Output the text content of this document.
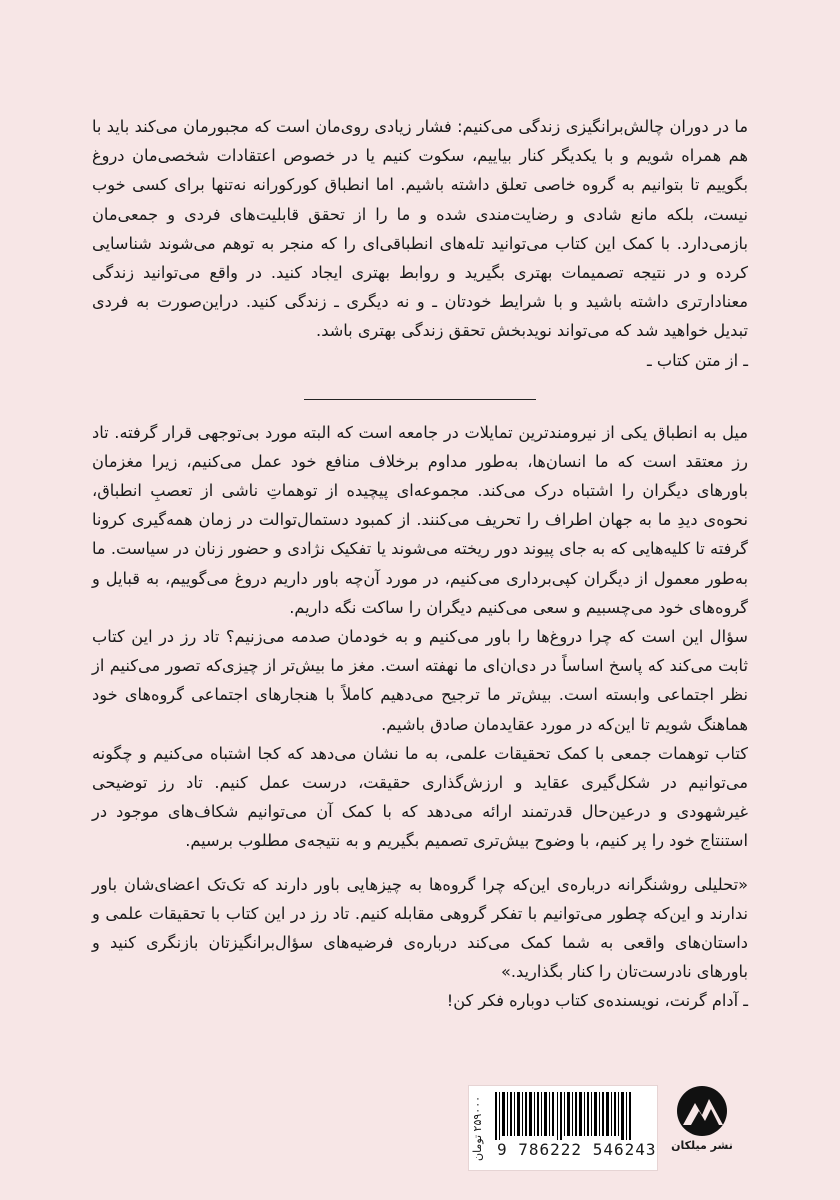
ما در دوران چالش‌برانگیزی زندگی می‌کنیم: فشار زیادی روی‌مان است که مجبورمان می‌کند باید با هم همراه شویم و با یکدیگر کنار بیاییم، سکوت کنیم یا در خصوص اعتقادات شخصی‌مان دروغ بگوییم تا بتوانیم به گروه خاصی تعلق داشته باشیم. اما انطباق کورکورانه نه‌تنها برای کسی خوب نیست، بلکه مانع شادی و رضایت‌مندی شده و ما را از تحقق قابلیت‌های فردی و جمعی‌مان بازمی‌دارد. با کمک این کتاب می‌توانید تله‌های انطباقی‌ای را که منجر به توهم می‌شوند شناسایی کرده و در نتیجه تصمیمات بهتری بگیرید و روابط بهتری ایجاد کنید. در واقع می‌توانید زندگی معنادارتری داشته باشید و با شرایط خودتان ـ و نه دیگری ـ زندگی کنید. دراین‌صورت به فردی تبدیل خواهید شد که می‌تواند نویدبخش تحقق زندگی بهتری باشد.

ـ از متن کتاب ـ

میل به انطباق یکی از نیرومندترین تمایلات در جامعه است که البته مورد بی‌توجهی قرار گرفته. تاد رز معتقد است که ما انسان‌ها، به‌طور مداوم برخلاف منافع خود عمل می‌کنیم، زیرا مغزمان باورهای دیگران را اشتباه درک می‌کند. مجموعه‌ای پیچیده از توهماتِ ناشی از تعصبِ انطباق، نحوه‌ی دیدِ ما به جهان اطراف را تحریف می‌کنند. از کمبود دستمال‌توالت در زمان همه‌گیری کرونا گرفته تا کلیه‌هایی که به جای پیوند دور ریخته می‌شوند یا تفکیک نژادی و حضور زنان در سیاست. ما به‌طور معمول از دیگران کپی‌برداری می‌کنیم، در مورد آن‌چه باور داریم دروغ می‌گوییم، به قبایل و گروه‌های خود می‌چسبیم و سعی می‌کنیم دیگران را ساکت نگه داریم.

سؤال این است که چرا دروغ‌ها را باور می‌کنیم و به خودمان صدمه می‌زنیم؟ تاد رز در این کتاب ثابت می‌کند که پاسخ اساساً در دی‌ان‌ای ما نهفته است. مغز ما بیش‌تر از چیزی‌که تصور می‌کنیم از نظر اجتماعی وابسته است. بیش‌تر ما ترجیح می‌دهیم کاملاً با هنجارهای اجتماعی گروه‌های خود هماهنگ شویم تا این‌که در مورد عقایدمان صادق باشیم.

کتاب توهمات جمعی با کمک تحقیقات علمی، به ما نشان می‌دهد که کجا اشتباه می‌کنیم و چگونه می‌توانیم در شکل‌گیری عقاید و ارزش‌گذاری حقیقت، درست عمل کنیم. تاد رز توضیحی غیرشهودی و درعین‌حال قدرتمند ارائه می‌دهد که با کمک آن می‌توانیم شکاف‌های موجود در استنتاج خود را پر کنیم، با وضوح بیش‌تری تصمیم بگیریم و به نتیجه‌ی مطلوب برسیم.

«تحلیلی روشنگرانه درباره‌ی این‌که چرا گروه‌ها به چیزهایی باور دارند که تک‌تک اعضای‌شان باور ندارند و این‌که چطور می‌توانیم با تفکر گروهی مقابله کنیم. تاد رز در این کتاب با تحقیقات علمی و داستان‌های واقعی به شما کمک می‌کند درباره‌ی فرضیه‌های سؤال‌برانگیزتان بازنگری کنید و باورهای نادرست‌تان را کنار بگذارید.»

ـ آدام گرنت، نویسنده‌ی کتاب دوباره فکر کن!
۲۵۹۰۰۰ تومان
9 786222 546243 نشر میلکان
